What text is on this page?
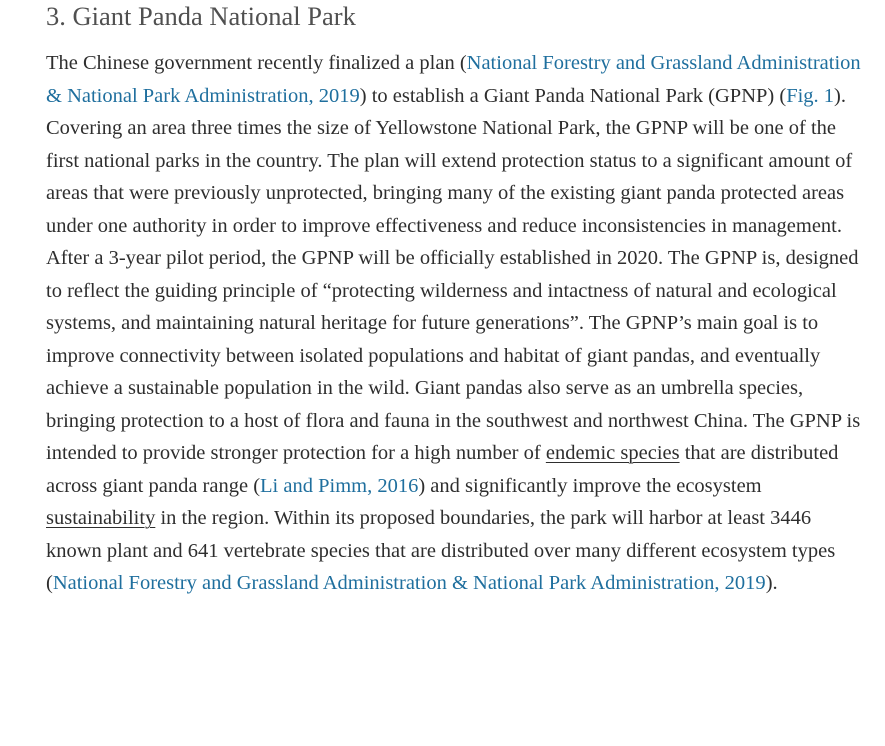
3. Giant Panda National Park

The Chinese government recently finalized a plan (National Forestry and Grassland Administration & National Park Administration, 2019) to establish a Giant Panda National Park (GPNP) (Fig. 1). Covering an area three times the size of Yellowstone National Park, the GPNP will be one of the first national parks in the country. The plan will extend protection status to a significant amount of areas that were previously unprotected, bringing many of the existing giant panda protected areas under one authority in order to improve effectiveness and reduce inconsistencies in management. After a 3-year pilot period, the GPNP will be officially established in 2020. The GPNP is, designed to reflect the guiding principle of “protecting wilderness and intactness of natural and ecological systems, and maintaining natural heritage for future generations”. The GPNP’s main goal is to improve connectivity between isolated populations and habitat of giant pandas, and eventually achieve a sustainable population in the wild. Giant pandas also serve as an umbrella species, bringing protection to a host of flora and fauna in the southwest and northwest China. The GPNP is intended to provide stronger protection for a high number of endemic species that are distributed across giant panda range (Li and Pimm, 2016) and significantly improve the ecosystem sustainability in the region. Within its proposed boundaries, the park will harbor at least 3446 known plant and 641 vertebrate species that are distributed over many different ecosystem types (National Forestry and Grassland Administration & National Park Administration, 2019).
